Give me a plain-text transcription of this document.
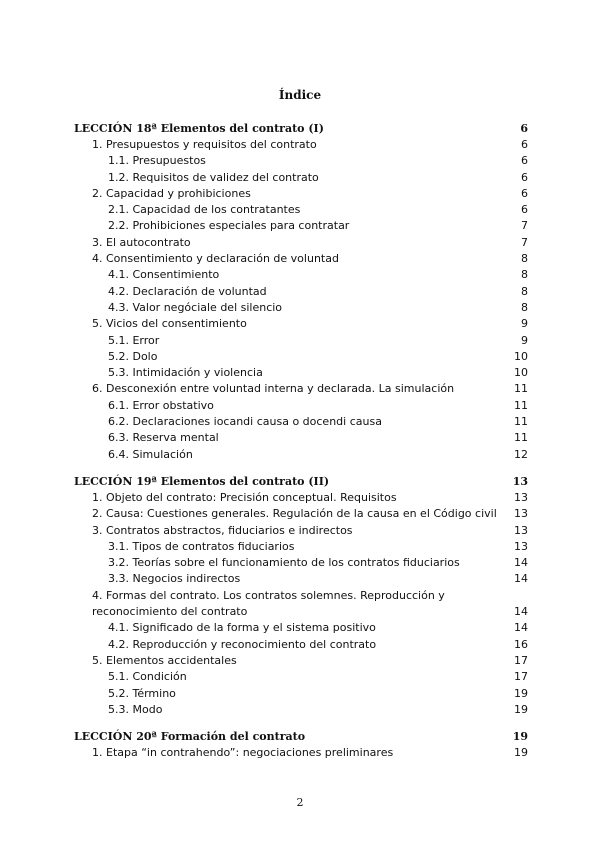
Índice
LECCIÓN 18ª Elementos del contrato (I)	6
1. Presupuestos y requisitos del contrato	6
1.1. Presupuestos	6
1.2. Requisitos de validez del contrato	6
2. Capacidad y prohibiciones	6
2.1. Capacidad de los contratantes	6
2.2. Prohibiciones especiales para contratar	7
3. El autocontrato	7
4. Consentimiento y declaración de voluntad	8
4.1. Consentimiento	8
4.2. Declaración de voluntad	8
4.3. Valor negóciale del silencio	8
5. Vicios del consentimiento	9
5.1. Error	9
5.2. Dolo	10
5.3. Intimidación y violencia	10
6. Desconexión entre voluntad interna y declarada. La simulación	11
6.1. Error obstativo	11
6.2. Declaraciones iocandi causa o docendi causa	11
6.3. Reserva mental	11
6.4. Simulación	12
LECCIÓN 19ª Elementos del contrato (II)	13
1. Objeto del contrato: Precisión conceptual. Requisitos	13
2. Causa: Cuestiones generales. Regulación de la causa en el Código civil	13
3. Contratos abstractos, fiduciarios e indirectos	13
3.1. Tipos de contratos fiduciarios	13
3.2. Teorías sobre el funcionamiento de los contratos fiduciarios	14
3.3. Negocios indirectos	14
4. Formas del contrato. Los contratos solemnes. Reproducción y reconocimiento del contrato	14
4.1. Significado de la forma y el sistema positivo	14
4.2. Reproducción y reconocimiento del contrato	16
5. Elementos accidentales	17
5.1. Condición	17
5.2. Término	19
5.3. Modo	19
LECCIÓN 20ª Formación del contrato	19
1. Etapa “in contrahendo”: negociaciones preliminares	19
2
